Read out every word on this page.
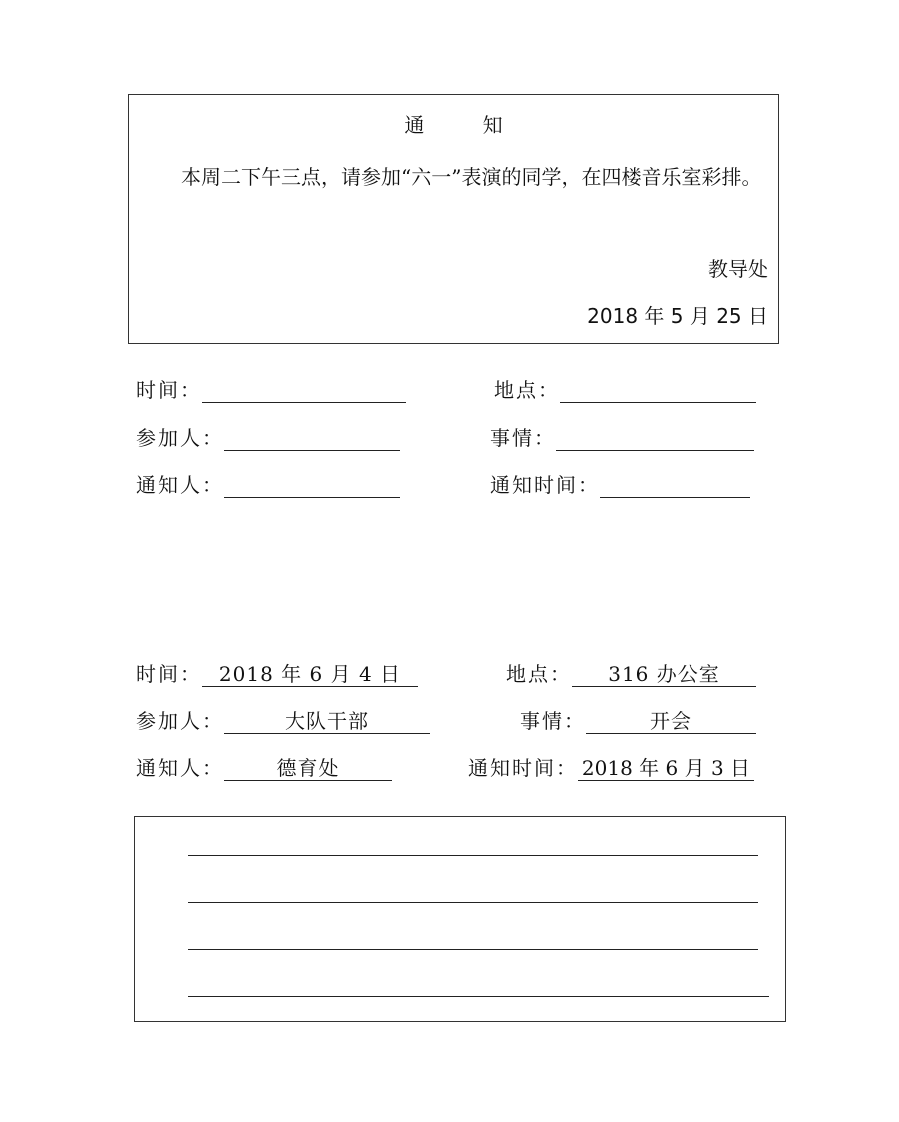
通 知
本周二下午三点，请参加“六一”表演的同学，在四楼音乐室彩排。
教导处
2018 年 5 月 25 日
时间：	地点：
参加人：	事情：
通知人：	通知时间：
时间： 2018 年 6 月 4 日	地点：	316 办公室
参加人：	大队干部	事情：	开会
通知人：	德育处	通知时间： 2018 年 6 月 3 日
